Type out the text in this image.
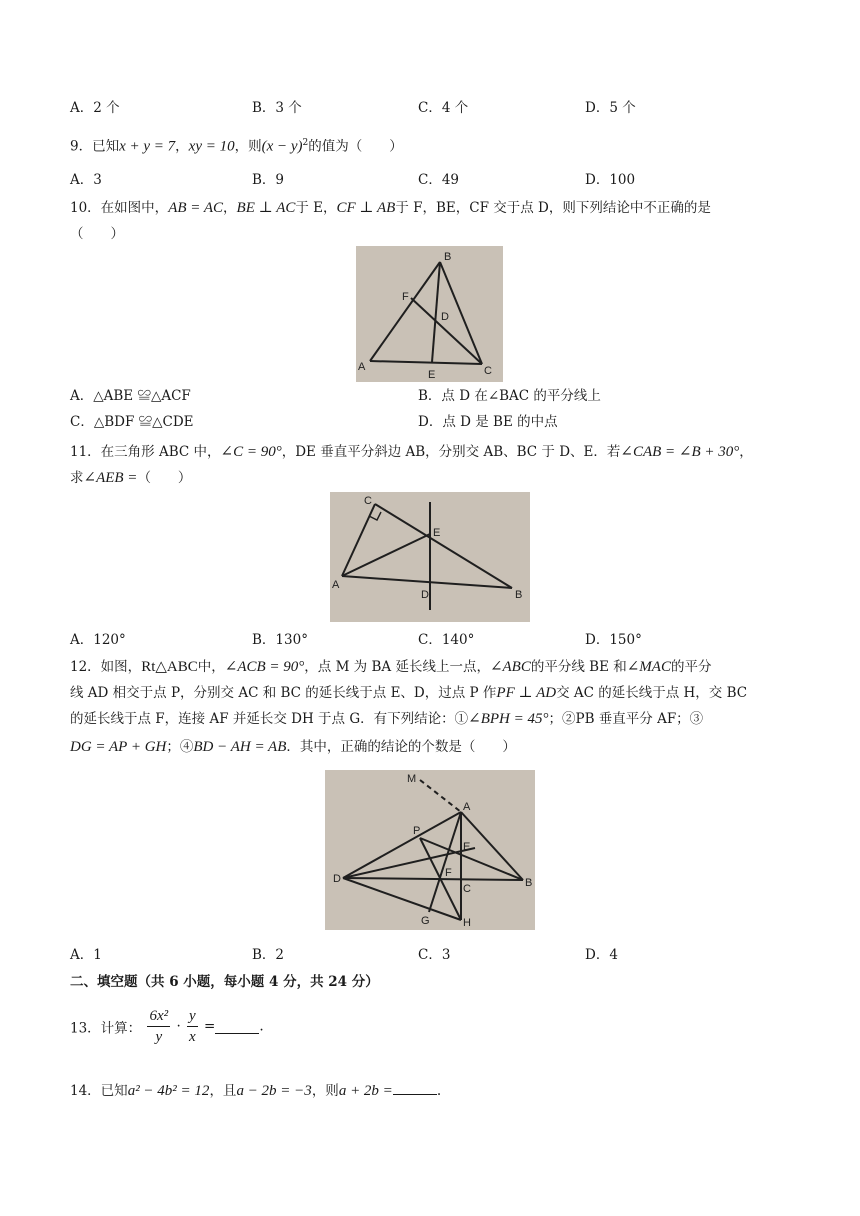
A．2 个	B．3 个	C．4 个	D．5 个
9．已知x + y = 7，xy = 10，则$(x - y)^2$的值为（　　）
A．3	B．9	C．49	D．100
10．在如图中，AB = AC，BE ⊥ AC于 E，CF ⊥ AB于 F，BE，CF 交于点 D，则下列结论中不正确的是
（　　）
A
B
C
D
E
F
A．△ABE ≌△ACF	B．点 D 在∠BAC 的平分线上
C．△BDF ≌△CDE	D．点 D 是 BE 的中点
11．在三角形 ABC 中，∠C = 90°，DE 垂直平分斜边 AB，分别交 AB、BC 于 D、E．若∠CAB = ∠B + 30°，
求∠AEB =（　　）
A
B
C
D
E
A．120°	B．130°	C．140°	D．150°
12．如图，Rt△ABC中，∠ACB = 90°，点 M 为 BA 延长线上一点，∠ABC的平分线 BE 和∠MAC的平分
线 AD 相交于点 P，分别交 AC 和 BC 的延长线于点 E、D，过点 P 作PF ⊥ AD交 AC 的延长线于点 H，交 BC
的延长线于点 F，连接 AF 并延长交 DH 于点 G．有下列结论：①∠BPH = 45°；②PB 垂直平分 AF；③
DG = AP + GH；④BD − AH = AB．其中，正确的结论的个数是（　　）
M
A
P
E
D	F
C	B
G	H
A．1	B．2	C．3	D．4
二、填空题（共 6 小题，每小题 4 分，共 24 分）
13．计算： $\frac{\text{6x²}}{y} \cdot \frac{y}{x}$ =	.
14．已知a² − 4b² = 12，且a − 2b = −3，则a + 2b =	.
